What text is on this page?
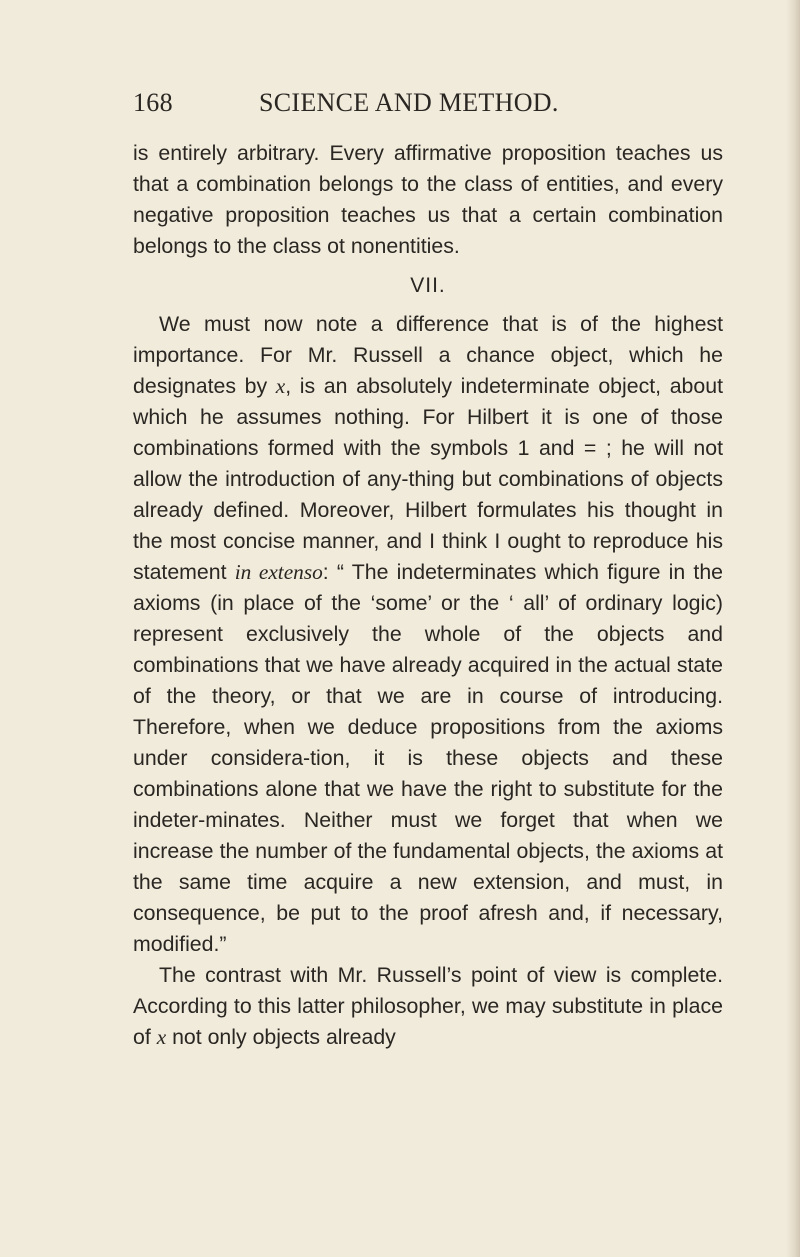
168	SCIENCE AND METHOD.

is entirely arbitrary. Every affirmative proposition teaches us that a combination belongs to the class of entities, and every negative proposition teaches us that a certain combination belongs to the class ot nonentities.

VII.

We must now note a difference that is of the highest importance. For Mr. Russell a chance object, which he designates by x, is an absolutely indeterminate object, about which he assumes nothing. For Hilbert it is one of those combinations formed with the symbols 1 and = ; he will not allow the introduction of any-thing but combinations of objects already defined. Moreover, Hilbert formulates his thought in the most concise manner, and I think I ought to reproduce his statement in extenso: “ The indeterminates which figure in the axioms (in place of the ‘some’ or the ‘ all’ of ordinary logic) represent exclusively the whole of the objects and combinations that we have already acquired in the actual state of the theory, or that we are in course of introducing. Therefore, when we deduce propositions from the axioms under considera-tion, it is these objects and these combinations alone that we have the right to substitute for the indeter-minates. Neither must we forget that when we increase the number of the fundamental objects, the axioms at the same time acquire a new extension, and must, in consequence, be put to the proof afresh and, if necessary, modified.”

The contrast with Mr. Russell’s point of view is complete. According to this latter philosopher, we may substitute in place of x not only objects already
